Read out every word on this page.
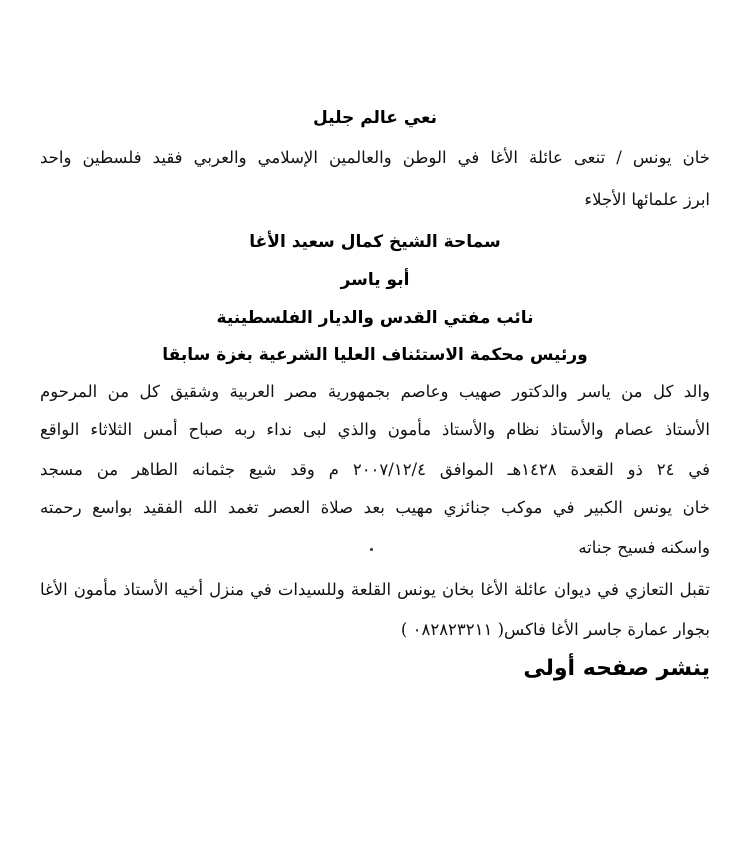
نعي عالم جليل
خان يونس / تنعى عائلة الأغا في الوطن والعالمين الإسلامي والعربي فقيد فلسطين واحد
ابرز علمائها الأجلاء
سماحة الشيخ كمال سعيد الأغا
أبو ياسر
نائب مفتي القدس والديار الفلسطينية
ورئيس محكمة الاستئناف العليا الشرعية بغزة سابقا
والد كل من ياسر والدكتور صهيب وعاصم بجمهورية مصر العربية وشقيق كل من المرحوم
الأستاذ عصام والأستاذ نظام والأستاذ مأمون والذي لبى نداء ربه صباح أمس الثلاثاء الواقع
في ٢٤ ذو القعدة ١٤٢٨هـ الموافق ٢٠٠٧/١٢/٤ م وقد شيع جثمانه الطاهر من مسجد
خان يونس الكبير في موكب جنائزي مهيب بعد صلاة العصر تغمد الله الفقيد بواسع رحمته
واسكنه فسيح جناته
تقبل التعازي في ديوان عائلة الأغا بخان يونس القلعة وللسيدات في منزل أخيه الأستاذ مأمون الأغا
بجوار عمارة جاسر الأغا فاكس( ٠٨٢٨٢٣٢١١ )
ينشر صفحه أولى
